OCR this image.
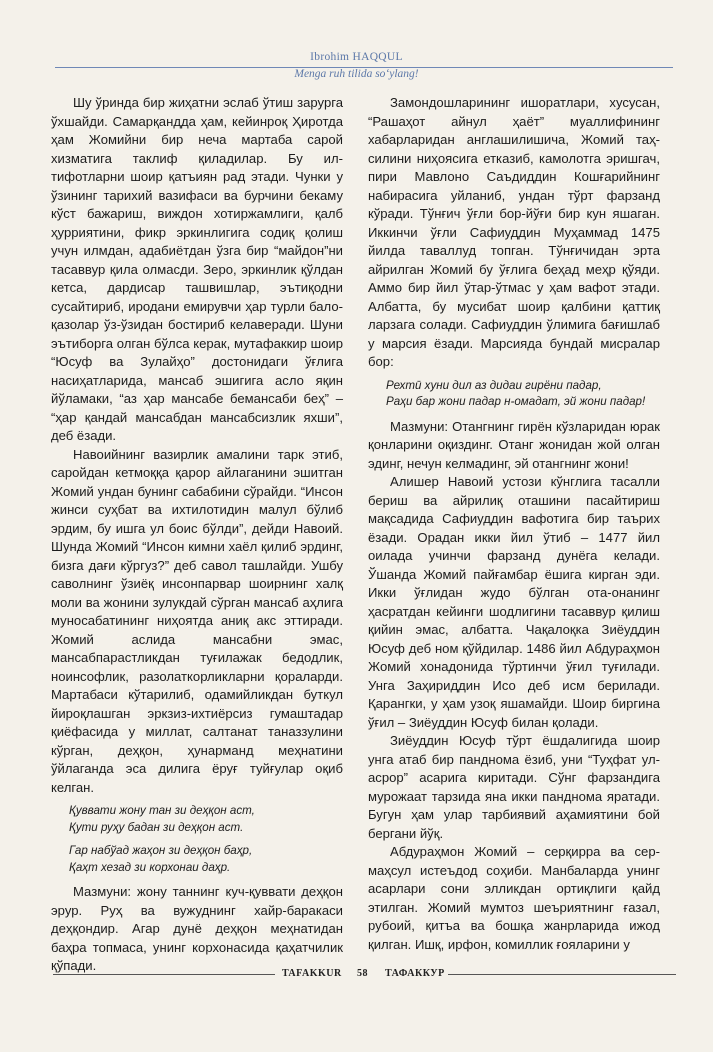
Ibrohim HAQQUL
Menga ruh tilida so‘ylang!

Шу ўринда бир жиҳатни эслаб ўтиш зарурга ўхшайди. Самарқандда ҳам, кейинроқ Ҳиротда ҳам Жомийни бир неча мартаба сарой хизматига таклиф қиладилар. Бу илтифотларни шоир қатъиян рад этади. Чунки у ўзининг тарихий вазифаси ва бурчини бекаму кўст бажариш, виждон хотиржамлиги, қалб ҳурриятини, фикр эркинлигига содиқ қолиш учун илмдан, адабиётдан ўзга бир “майдон”ни тасаввур қила олмасди. Зеро, эркинлик қўлдан кетса, дардисар ташвишлар, эътиқодни сусайтириб, иродани емирувчи ҳар турли бало-қазолар ўз-ўзидан бостириб келаверади. Шуни эътиборга олган бўлса керак, мутафаккир шоир “Юсуф ва Зулайҳо” достонидаги ўғлига насиҳатларида, мансаб эшигига асло яқин йўламаки, “аз ҳар мансабе бемансаби беҳ” – “ҳар қандай мансабдан мансабсизлик яхши”, деб ёзади.

Навоийнинг вазирлик амалини тарк этиб, саройдан кетмоққа қарор айлаганини эшитган Жомий ундан бунинг сабабини сўрайди. “Инсон жинси суҳбат ва ихтилотидин малул бўлиб эрдим, бу ишга ул боис бўлди”, дейди Навоий. Шунда Жомий “Инсон кимни хаёл қилиб эрдинг, бизга дағи кўргуз?” деб савол ташлайди. Ушбу саволнинг ўзиёқ инсонпарвар шоирнинг халқ моли ва жонини зулукдай сўрган мансаб аҳлига муносабатининг ниҳоятда аниқ акс эттиради. Жомий аслида мансабни эмас, мансабпарастликдан туғилажак бедодлик, ноинсофлик, разолаткорликларни қораларди. Мартабаси кўтарилиб, одамийликдан буткул йироқлашган эркзиз-ихтиёрсиз гумаштадар қиёфасида у миллат, салтанат таназзулини кўрган, деҳқон, ҳунарманд меҳнатини ўйлаганда эса дилига ёруғ туйғулар оқиб келган.

Қуввати жону тан зи деҳқон аст,

Қути руҳу бадан зи деҳқон аст.

Гар набўад жаҳон зи деҳқон баҳр,

Қаҳт хезад зи корхонаи даҳр.

Мазмуни: жону таннинг куч-қуввати деҳқон эрур. Руҳ ва вужуднинг хайр-баракаси деҳқондир. Агар дунё деҳқон меҳнатидан баҳра топмаса, унинг корхонасида қаҳатчилик қўпади.

Замондошларининг ишоратлари, хусусан, “Рашаҳот айнул ҳаёт” муаллифининг хабарларидан англашилишича, Жомий таҳсилини ниҳоясига етказиб, камолотга эришгач, пири Мавлоно Саъдиддин Кошғарийнинг набирасига уйланиб, ундан тўрт фарзанд кўради. Тўнғич ўғли бор-йўғи бир кун яшаган. Иккинчи ўғли Сафиуддин Муҳаммад 1475 йилда таваллуд топган. Тўнғичидан эрта айрилган Жомий бу ўғлига беҳад меҳр қўяди. Аммо бир йил ўтар-ўтмас у ҳам вафот этади. Албатта, бу мусибат шоир қалбини қаттиқ ларзага солади. Сафиуддин ўлимига бағишлаб у марсия ёзади. Марсияда бундай мисралар бор:

Рехтӣ хуни дил аз дидаи гирёни падар,

Раҳи бар жони падар н-омадат, эй жони падар!

Мазмуни: Отангнинг гирён кўзларидан юрак қонларини оқиздинг. Отанг жонидан жой олган эдинг, нечун келмадинг, эй отангнинг жони!

Алишер Навоий устози кўнглига тасалли бериш ва айрилиқ оташини пасайтириш мақсадида Сафиуддин вафотига бир таърих ёзади. Орадан икки йил ўтиб – 1477 йил оилада учинчи фарзанд дунёга келади. Ўшанда Жомий пайғамбар ёшига кирган эди. Икки ўғлидан жудо бўлган ота-онанинг ҳасратдан кейинги шодлигини тасаввур қилиш қийин эмас, албатта. Чақалоқка Зиёуддин Юсуф деб ном қўйдилар. 1486 йил Абдураҳмон Жомий хонадонида тўртинчи ўғил туғилади. Унга Заҳириддин Исо деб исм берилади. Қарангки, у ҳам узоқ яшамайди. Шоир биргина ўғил – Зиёуддин Юсуф билан қолади.

Зиёуддин Юсуф тўрт ёшдалигида шоир унга атаб бир панднома ёзиб, уни “Туҳфат ул-асрор” асарига киритади. Сўнг фарзандига мурожаат тарзида яна икки панднома яратади. Бугун ҳам улар тарбиявий аҳамиятини бой бергани йўқ.

Абдураҳмон Жомий – серқирра ва сермаҳсул истеъдод соҳиби. Манбаларда унинг асарлари сони элликдан ортиқлиги қайд этилган. Жомий мумтоз шеъриятнинг ғазал, рубоий, қитъа ва бошқа жанрларида ижод қилган. Ишқ, ирфон, комиллик ғояларини у

TAFAKKUR 58 ТАФАККУР
